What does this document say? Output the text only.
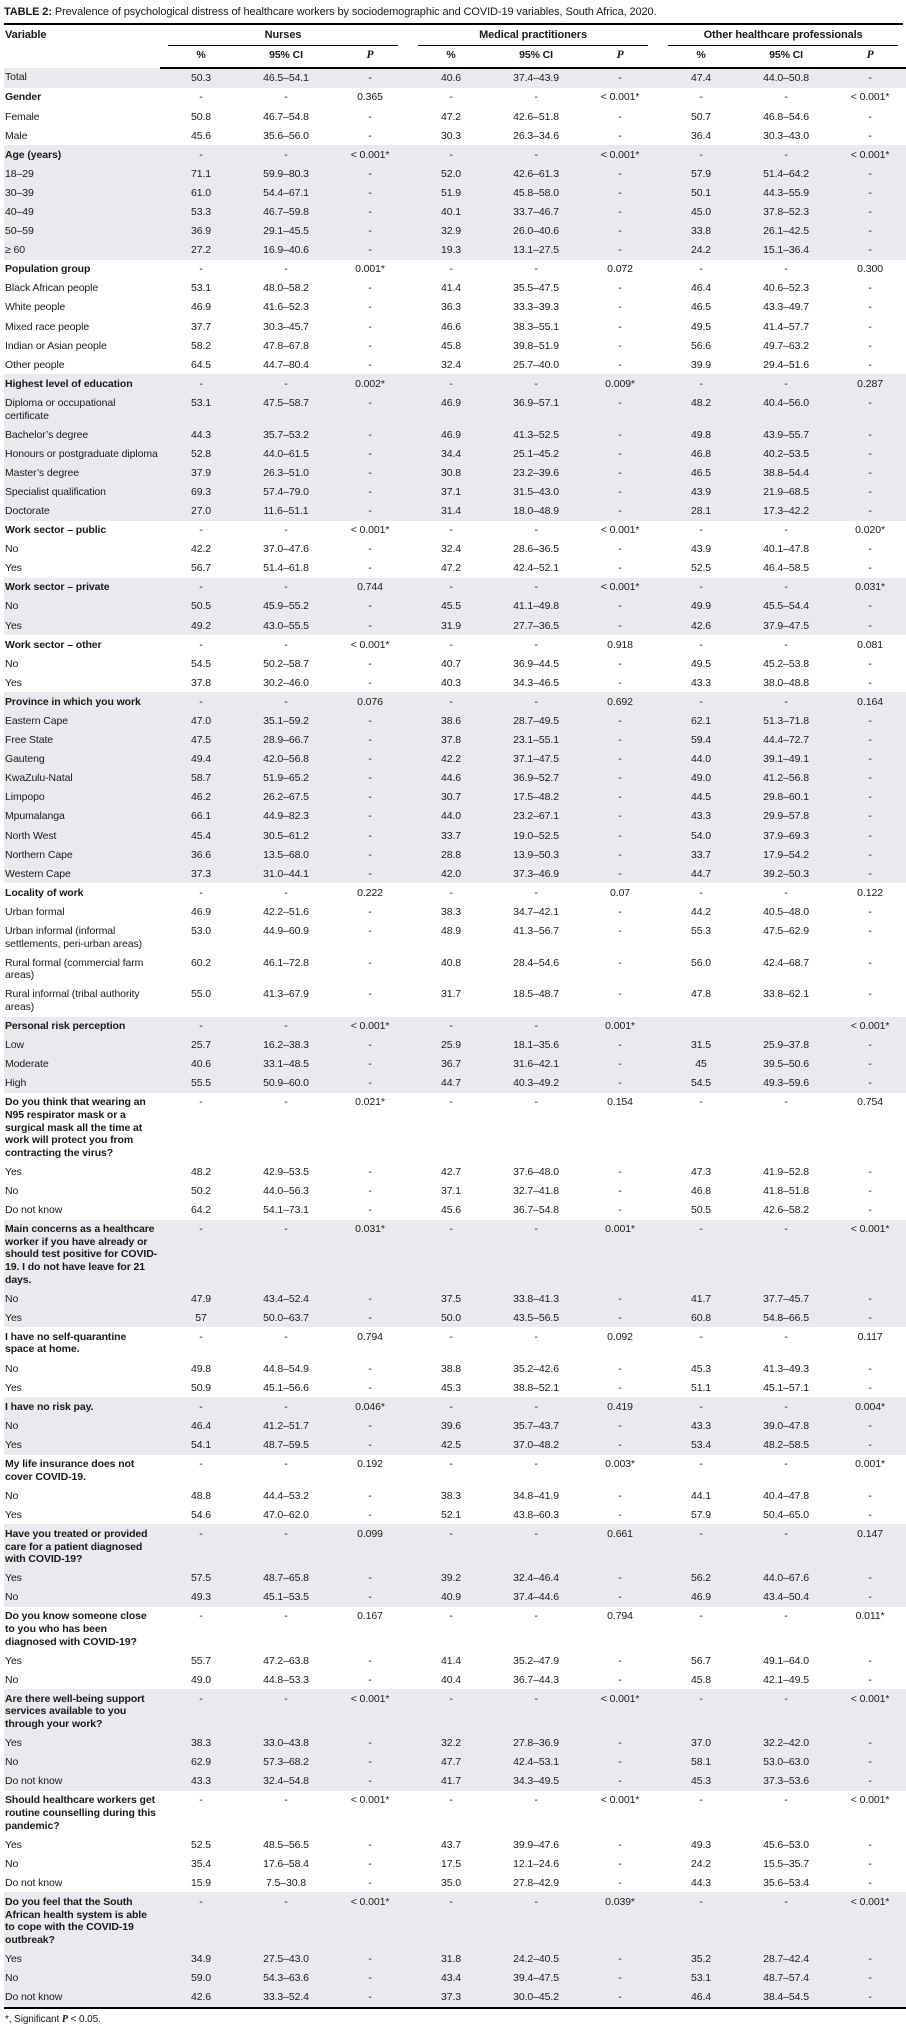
TABLE 2: Prevalence of psychological distress of healthcare workers by sociodemographic and COVID-19 variables, South Africa, 2020.
Variable	Nurses			Medical practitioners			Other healthcare professionals		

	%	95% CI	P	%	95% CI	P	%	95% CI	P
Total	50.3	46.5–54.1	-	40.6	37.4–43.9	-	47.4	44.0–50.8	-
Gender	-	-	0.365	-	-	< 0.001*	-	-	< 0.001*
Female	50.8	46.7–54.8	-	47.2	42.6–51.8	-	50.7	46.8–54.6	-
Male	45.6	35.6–56.0	-	30.3	26.3–34.6	-	36.4	30.3–43.0	-
Age (years)	-	-	< 0.001*	-	-	< 0.001*	-	-	< 0.001*
18–29	71.1	59.9–80.3	-	52.0	42.6–61.3	-	57.9	51.4–64.2	-
30–39	61.0	54.4–67.1	-	51.9	45.8–58.0	-	50.1	44.3–55.9	-
40–49	53.3	46.7–59.8	-	40.1	33.7–46.7	-	45.0	37.8–52.3	-
50–59	36.9	29.1–45.5	-	32.9	26.0–40.6	-	33.8	26.1–42.5	-
≥ 60	27.2	16.9–40.6	-	19.3	13.1–27.5	-	24.2	15.1–36.4	-
Population group	-	-	0.001*	-	-	0.072	-	-	0.300
Black African people	53.1	48.0–58.2	-	41.4	35.5–47.5	-	46.4	40.6–52.3	-
White people	46.9	41.6–52.3	-	36.3	33.3–39.3	-	46.5	43.3–49.7	-
Mixed race people	37.7	30.3–45.7	-	46.6	38.3–55.1	-	49.5	41.4–57.7	-
Indian or Asian people	58.2	47.8–67.8	-	45.8	39.8–51.9	-	56.6	49.7–63.2	-
Other people	64.5	44.7–80.4	-	32.4	25.7–40.0	-	39.9	29.4–51.6	-
Highest level of education	-	-	0.002*	-	-	0.009*	-	-	0.287
Diploma or occupational certificate	53.1	47.5–58.7	-	46.9	36.9–57.1	-	48.2	40.4–56.0	-
Bachelor’s degree	44.3	35.7–53.2	-	46.9	41.3–52.5	-	49.8	43.9–55.7	-
Honours or postgraduate diploma	52.8	44.0–61.5	-	34.4	25.1–45.2	-	46.8	40.2–53.5	-
Master’s degree	37.9	26.3–51.0	-	30.8	23.2–39.6	-	46.5	38.8–54.4	-
Specialist qualification	69.3	57.4–79.0	-	37.1	31.5–43.0	-	43.9	21.9–68.5	-
Doctorate	27.0	11.6–51.1	-	31.4	18.0–48.9	-	28.1	17.3–42.2	-
Work sector – public	-	-	< 0.001*	-	-	< 0.001*	-	-	0.020*
No	42.2	37.0–47.6	-	32.4	28.6–36.5	-	43.9	40.1–47.8	-
Yes	56.7	51.4–61.8	-	47.2	42.4–52.1	-	52.5	46.4–58.5	-
Work sector – private	-	-	0.744	-	-	< 0.001*	-	-	0.031*
No	50.5	45.9–55.2	-	45.5	41.1–49.8	-	49.9	45.5–54.4	-
Yes	49.2	43.0–55.5	-	31.9	27.7–36.5	-	42.6	37.9–47.5	-
Work sector – other	-	-	< 0.001*	-	-	0.918	-	-	0.081
No	54.5	50.2–58.7	-	40.7	36.9–44.5	-	49.5	45.2–53.8	-
Yes	37.8	30.2–46.0	-	40.3	34.3–46.5	-	43.3	38.0–48.8	-
Province in which you work	-	-	0.076	-	-	0.692	-	-	0.164
Eastern Cape	47.0	35.1–59.2	-	38.6	28.7–49.5	-	62.1	51.3–71.8	-
Free State	47.5	28.9–66.7	-	37.8	23.1–55.1	-	59.4	44.4–72.7	-
Gauteng	49.4	42.0–56.8	-	42.2	37.1–47.5	-	44.0	39.1–49.1	-
KwaZulu-Natal	58.7	51.9–65.2	-	44.6	36.9–52.7	-	49.0	41.2–56.8	-
Limpopo	46.2	26.2–67.5	-	30.7	17.5–48.2	-	44.5	29.8–60.1	-
Mpumalanga	66.1	44.9–82.3	-	44.0	23.2–67.1	-	43.3	29.9–57.8	-
North West	45.4	30.5–61.2	-	33.7	19.0–52.5	-	54.0	37.9–69.3	-
Northern Cape	36.6	13.5–68.0	-	28.8	13.9–50.3	-	33.7	17.9–54.2	-
Western Cape	37.3	31.0–44.1	-	42.0	37.3–46.9	-	44.7	39.2–50.3	-
Locality of work	-	-	0.222	-	-	0.07	-	-	0.122
Urban formal	46.9	42.2–51.6	-	38.3	34.7–42.1	-	44.2	40.5–48.0	-
Urban informal (informal settlements, peri-urban areas)	53.0	44.9–60.9	-	48.9	41.3–56.7	-	55.3	47.5–62.9	-
Rural formal (commercial farm areas)	60.2	46.1–72.8	-	40.8	28.4–54.6	-	56.0	42.4–68.7	-
Rural informal (tribal authority areas)	55.0	41.3–67.9	-	31.7	18.5–48.7	-	47.8	33.8–62.1	-
Personal risk perception	-	-	< 0.001*	-	-	0.001*			< 0.001*
Low	25.7	16.2–38.3	-	25.9	18.1–35.6	-	31.5	25.9–37.8	-
Moderate	40.6	33.1–48.5	-	36.7	31.6–42.1	-	45	39.5–50.6	-
High	55.5	50.9–60.0	-	44.7	40.3–49.2	-	54.5	49.3–59.6	-
Do you think that wearing an N95 respirator mask or a surgical mask all the time at work will protect you from contracting the virus?	-	-	0.021*	-	-	0.154	-	-	0.754
Yes	48.2	42.9–53.5	-	42.7	37.6–48.0	-	47.3	41.9–52.8	-
No	50.2	44.0–56.3	-	37.1	32.7–41.8	-	46.8	41.8–51.8	-
Do not know	64.2	54.1–73.1	-	45.6	36.7–54.8	-	50.5	42.6–58.2	-
Main concerns as a healthcare worker if you have already or should test positive for COVID-19. I do not have leave for 21 days.	-	-	0.031*	-	-	0.001*	-	-	< 0.001*
No	47.9	43.4–52.4	-	37.5	33.8–41.3	-	41.7	37.7–45.7	-
Yes	57	50.0–63.7	-	50.0	43.5–56.5	-	60.8	54.8–66.5	-
I have no self-quarantine space at home.	-	-	0.794	-	-	0.092	-	-	0.117
No	49.8	44.8–54.9	-	38.8	35.2–42.6	-	45.3	41.3–49.3	-
Yes	50.9	45.1–56.6	-	45.3	38.8–52.1	-	51.1	45.1–57.1	-
I have no risk pay.	-	-	0.046*	-	-	0.419	-	-	0.004*
No	46.4	41.2–51.7	-	39.6	35.7–43.7	-	43.3	39.0–47.8	-
Yes	54.1	48.7–59.5	-	42.5	37.0–48.2	-	53.4	48.2–58.5	-
My life insurance does not cover COVID-19.	-	-	0.192	-	-	0.003*	-	-	0.001*
No	48.8	44.4–53.2	-	38.3	34.8–41.9	-	44.1	40.4–47.8	-
Yes	54.6	47.0–62.0	-	52.1	43.8–60.3	-	57.9	50.4–65.0	-
Have you treated or provided care for a patient diagnosed with COVID-19?	-	-	0.099	-	-	0.661	-	-	0.147
Yes	57.5	48.7–65.8	-	39.2	32.4–46.4	-	56.2	44.0–67.6	-
No	49.3	45.1–53.5	-	40.9	37.4–44.6	-	46.9	43.4–50.4	-
Do you know someone close to you who has been diagnosed with COVID-19?	-	-	0.167	-	-	0.794	-	-	0.011*
Yes	55.7	47.2–63.8	-	41.4	35.2–47.9	-	56.7	49.1–64.0	-
No	49.0	44.8–53.3	-	40.4	36.7–44.3	-	45.8	42.1–49.5	-
Are there well-being support services available to you through your work?	-	-	< 0.001*	-	-	< 0.001*	-	-	< 0.001*
Yes	38.3	33.0–43.8	-	32.2	27.8–36.9	-	37.0	32.2–42.0	-
No	62.9	57.3–68.2	-	47.7	42.4–53.1	-	58.1	53.0–63.0	-
Do not know	43.3	32.4–54.8	-	41.7	34.3–49.5	-	45.3	37.3–53.6	-
Should healthcare workers get routine counselling during this pandemic?	-	-	< 0.001*	-	-	< 0.001*	-	-	< 0.001*
Yes	52.5	48.5–56.5	-	43.7	39.9–47.6	-	49.3	45.6–53.0	-
No	35.4	17.6–58.4	-	17.5	12.1–24.6	-	24.2	15.5–35.7	-
Do not know	15.9	7.5–30.8	-	35.0	27.8–42.9	-	44.3	35.6–53.4	-
Do you feel that the South African health system is able to cope with the COVID-19 outbreak?	-	-	< 0.001*	-	-	0.039*	-	-	< 0.001*
Yes	34.9	27.5–43.0	-	31.8	24.2–40.5	-	35.2	28.7–42.4	-
No	59.0	54.3–63.6	-	43.4	39.4–47.5	-	53.1	48.7–57.4	-
Do not know	42.6	33.3–52.4	-	37.3	30.0–45.2	-	46.4	38.4–54.5	-
*, Significant P < 0.05.
